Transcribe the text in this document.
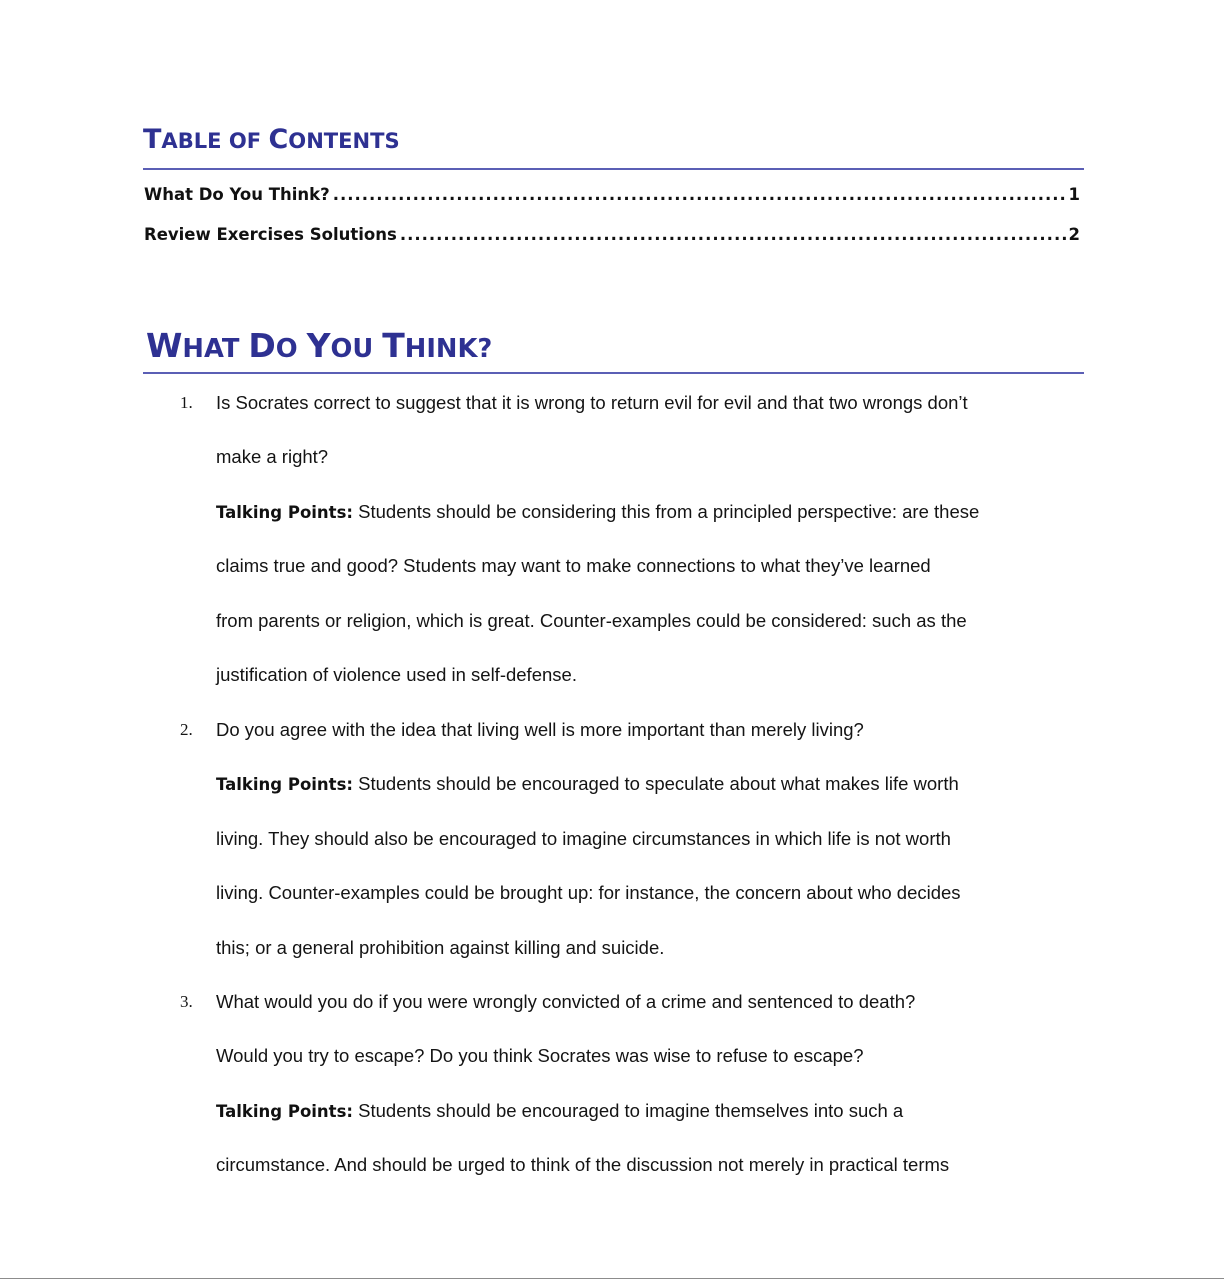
TABLE OF CONTENTS
What Do You Think? .....	1
Review Exercises Solutions .....	2
WHAT DO YOU THINK?
1. Is Socrates correct to suggest that it is wrong to return evil for evil and that two wrongs don’t
make a right?
Talking Points: Students should be considering this from a principled perspective: are these
claims true and good? Students may want to make connections to what they’ve learned
from parents or religion, which is great. Counter-examples could be considered: such as the
justification of violence used in self-defense.
2. Do you agree with the idea that living well is more important than merely living?
Talking Points: Students should be encouraged to speculate about what makes life worth
living. They should also be encouraged to imagine circumstances in which life is not worth
living. Counter-examples could be brought up: for instance, the concern about who decides
this; or a general prohibition against killing and suicide.
3. What would you do if you were wrongly convicted of a crime and sentenced to death?
Would you try to escape? Do you think Socrates was wise to refuse to escape?
Talking Points: Students should be encouraged to imagine themselves into such a
circumstance. And should be urged to think of the discussion not merely in practical terms
